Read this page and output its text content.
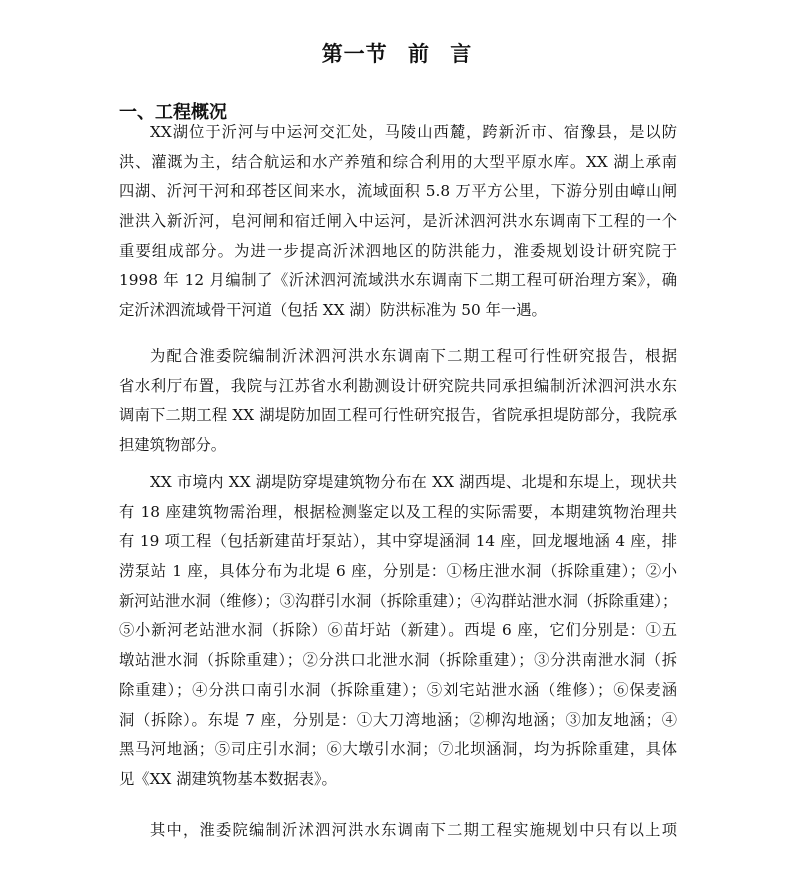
第一节 前 言
一、工程概况
XX湖位于沂河与中运河交汇处，马陵山西麓，跨新沂市、宿豫县，是以防
洪、灌溉为主，结合航运和水产养殖和综合利用的大型平原水库。XX 湖上承南
四湖、沂河干河和邳苍区间来水，流域面积 5.8 万平方公里，下游分别由嶂山闸
泄洪入新沂河，皂河闸和宿迁闸入中运河，是沂沭泗河洪水东调南下工程的一个
重要组成部分。为进一步提高沂沭泗地区的防洪能力，淮委规划设计研究院于
1998 年 12 月编制了《沂沭泗河流域洪水东调南下二期工程可研治理方案》，确
定沂沭泗流域骨干河道（包括 XX 湖）防洪标准为 50 年一遇。
为配合淮委院编制沂沭泗河洪水东调南下二期工程可行性研究报告，根据
省水利厅布置，我院与江苏省水利勘测设计研究院共同承担编制沂沭泗河洪水东
调南下二期工程 XX 湖堤防加固工程可行性研究报告，省院承担堤防部分，我院承
担建筑物部分。
XX 市境内 XX 湖堤防穿堤建筑物分布在 XX 湖西堤、北堤和东堤上，现状共
有 18 座建筑物需治理，根据检测鉴定以及工程的实际需要，本期建筑物治理共
有 19 项工程（包括新建苗圩泵站），其中穿堤涵洞 14 座，回龙堰地涵 4 座，排
涝泵站 1 座，具体分布为北堤 6 座，分别是：①杨庄泄水洞（拆除重建）；②小
新河站泄水洞（维修）；③沟群引水洞（拆除重建）；④沟群站泄水洞（拆除重建）；
⑤小新河老站泄水洞（拆除）⑥苗圩站（新建）。西堤 6 座，它们分别是：①五
墩站泄水洞（拆除重建）；②分洪口北泄水洞（拆除重建）；③分洪南泄水洞（拆
除重建）；④分洪口南引水洞（拆除重建）；⑤刘宅站泄水涵（维修）；⑥保麦涵
洞（拆除）。东堤 7 座，分别是：①大刀湾地涵；②柳沟地涵；③加友地涵；④
黑马河地涵；⑤司庄引水洞；⑥大墩引水洞；⑦北坝涵洞，均为拆除重建，具体
见《XX 湖建筑物基本数据表》。
其中，淮委院编制沂沭泗河洪水东调南下二期工程实施规划中只有以上项
